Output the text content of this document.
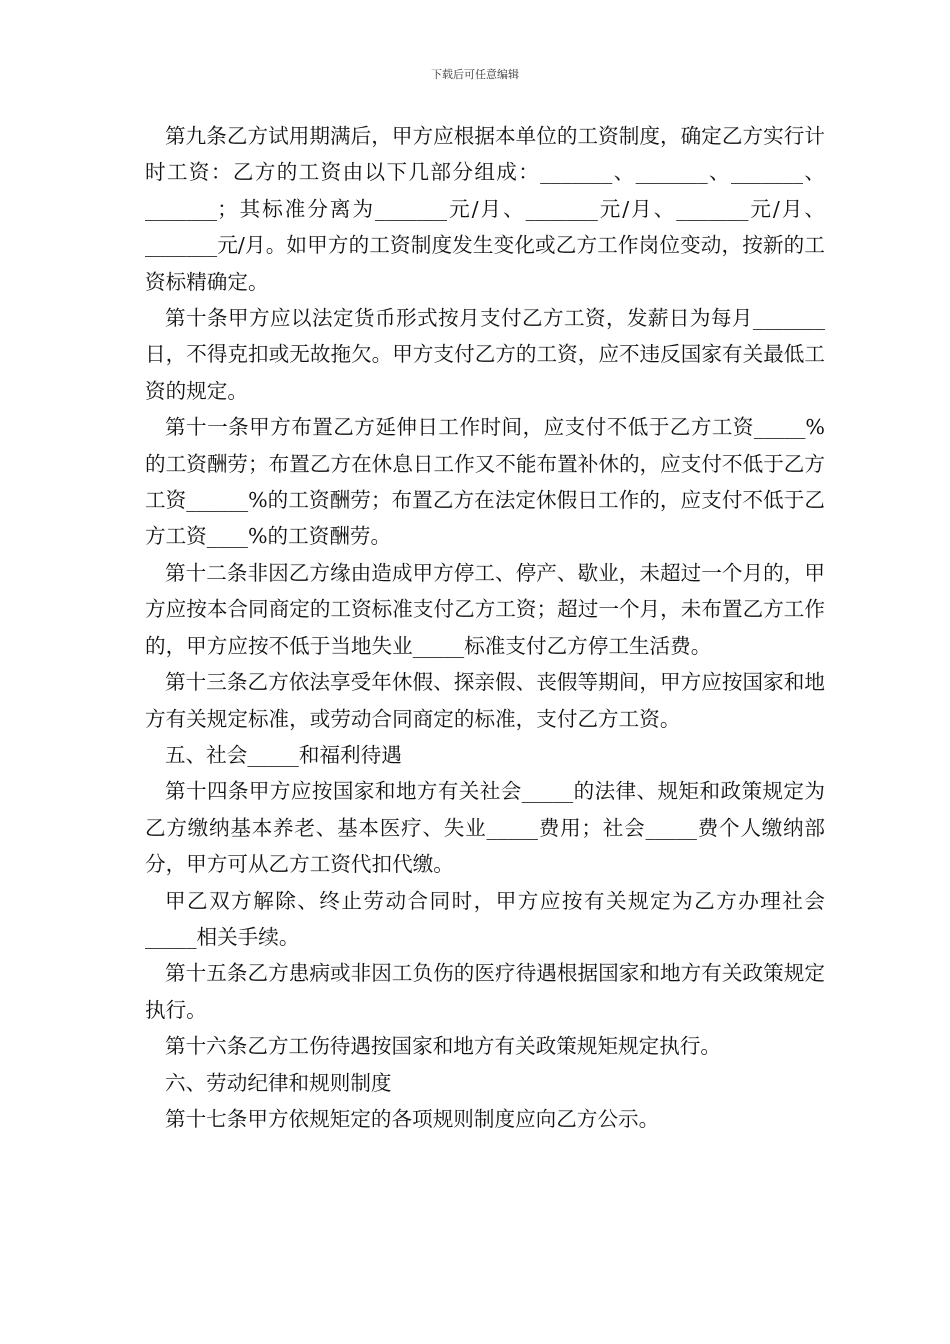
下载后可任意编辑

第九条乙方试用期满后，甲方应根据本单位的工资制度，确定乙方实行计时工资：乙方的工资由以下几部分组成：_______、_______、_______、_______；其标准分离为_______元/月、_______元/月、_______元/月、_______元/月。如甲方的工资制度发生变化或乙方工作岗位变动，按新的工资标精确定。

第十条甲方应以法定货币形式按月支付乙方工资，发薪日为每月_______日，不得克扣或无故拖欠。甲方支付乙方的工资，应不违反国家有关最低工资的规定。

第十一条甲方布置乙方延伸日工作时间，应支付不低于乙方工资_____%的工资酬劳；布置乙方在休息日工作又不能布置补休的，应支付不低于乙方工资______%的工资酬劳；布置乙方在法定休假日工作的，应支付不低于乙方工资____%的工资酬劳。

第十二条非因乙方缘由造成甲方停工、停产、歇业，未超过一个月的，甲方应按本合同商定的工资标准支付乙方工资；超过一个月，未布置乙方工作的，甲方应按不低于当地失业_____标准支付乙方停工生活费。

第十三条乙方依法享受年休假、探亲假、丧假等期间，甲方应按国家和地方有关规定标准，或劳动合同商定的标准，支付乙方工资。

五、社会_____和福利待遇

第十四条甲方应按国家和地方有关社会_____的法律、规矩和政策规定为乙方缴纳基本养老、基本医疗、失业_____费用；社会_____费个人缴纳部分，甲方可从乙方工资代扣代缴。

甲乙双方解除、终止劳动合同时，甲方应按有关规定为乙方办理社会_____相关手续。

第十五条乙方患病或非因工负伤的医疗待遇根据国家和地方有关政策规定执行。

第十六条乙方工伤待遇按国家和地方有关政策规矩规定执行。

六、劳动纪律和规则制度

第十七条甲方依规矩定的各项规则制度应向乙方公示。
